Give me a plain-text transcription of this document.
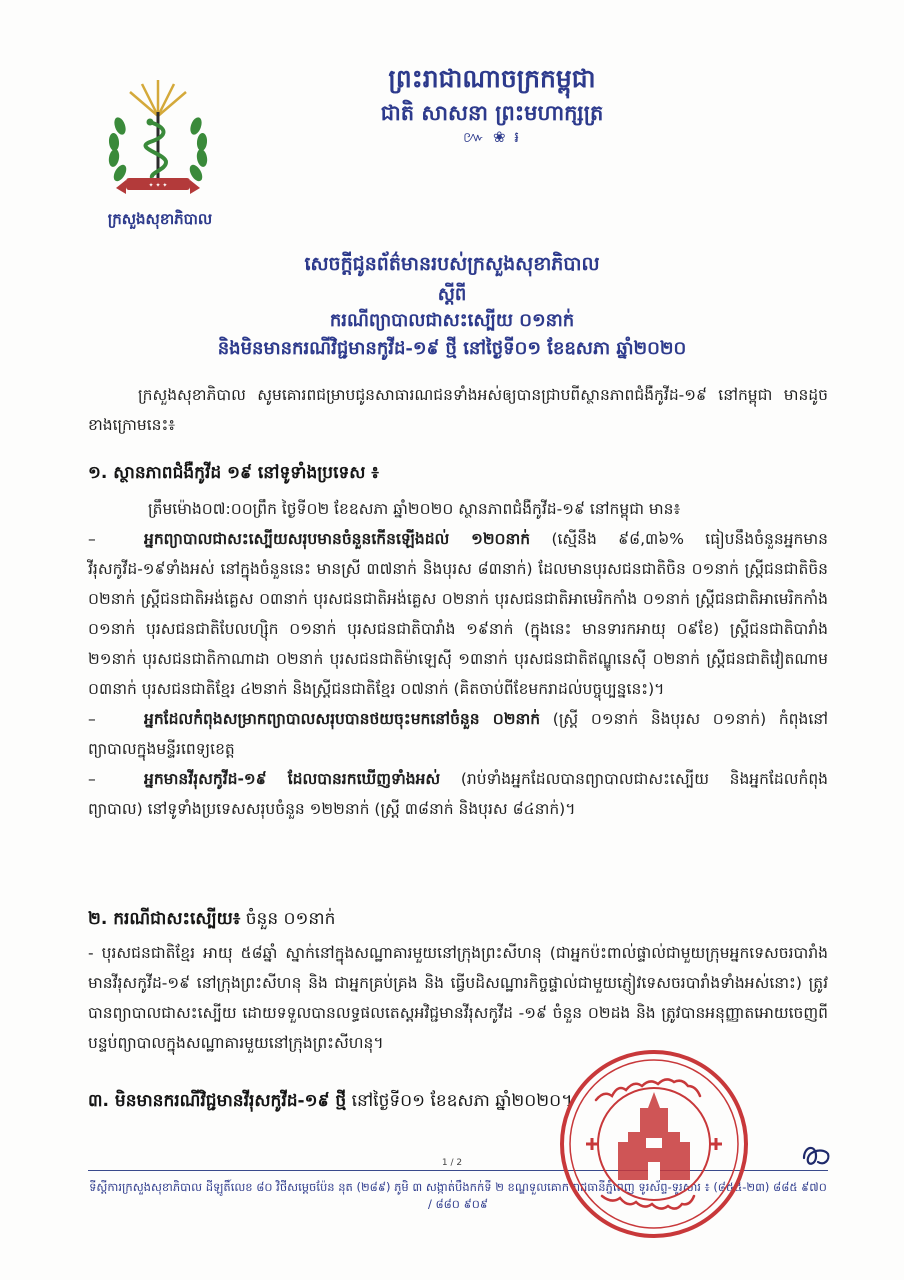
✦ ✦ ✦
ក្រសួងសុខាភិបាល
ព្រះរាជាណាចក្រកម្ពុជា
ជាតិ សាសនា ព្រះមហាក្សត្រ
៚ ❀ ៛
សេចក្ដីជូនព័ត៌មានរបស់ក្រសួងសុខាភិបាល
ស្ដីពី
ករណីព្យាបាលជាសះស្បើយ ០១នាក់
និងមិនមានករណីវិជ្ជមានកូវីដ-១៩ ថ្មី នៅថ្ងៃទី០១ ខែឧសភា ឆ្នាំ២០២០
ក្រសួងសុខាភិបាល សូមគោរពជម្រាបជូនសាធារណជនទាំងអស់ឲ្យបានជ្រាបពីស្ថានភាពជំងឺកូវីដ-១៩ នៅកម្ពុជា មានដូចខាងក្រោមនេះ៖
១. ស្ថានភាពជំងឺកូវីដ ១៩ នៅទូទាំងប្រទេស ៖

ត្រឹមម៉ោង០៧:០០ព្រឹក ថ្ងៃទី០២ ខែឧសភា ឆ្នាំ២០២០ ស្ថានភាពជំងឺកូវីដ-១៩ នៅកម្ពុជា មាន៖

–	អ្នកព្យាបាលជាសះស្បើយសរុបមានចំនួនកើនឡើងដល់ ១២០នាក់ (ស្មើនឹង ៩៨,៣៦% ធៀបនឹងចំនួនអ្នកមានវីរុសកូវីដ-១៩ទាំងអស់ នៅក្នុងចំនួននេះ មានស្រី ៣៧នាក់ និងបុរស ៨៣នាក់) ដែលមានបុរសជនជាតិចិន ០១នាក់ ស្ត្រីជនជាតិចិន ០២នាក់ ស្ត្រីជនជាតិអង់គ្លេស ០៣នាក់ បុរសជនជាតិអង់គ្លេស ០២នាក់ បុរសជនជាតិអាមេរិកកាំង ០១នាក់ ស្ត្រីជនជាតិអាមេរិកកាំង ០១នាក់ បុរសជនជាតិបែលហ្ស៊ិក ០១នាក់ បុរសជនជាតិបារាំង ១៩នាក់ (ក្នុងនេះ មានទារកអាយុ ០៩ខែ) ស្ត្រីជនជាតិបារាំង ២១នាក់ បុរសជនជាតិកាណាដា ០២នាក់ បុរសជនជាតិម៉ាឡេស៊ី ១៣នាក់ បុរសជនជាតិឥណ្ឌូនេស៊ី ០២នាក់ ស្ត្រីជនជាតិវៀតណាម ០៣នាក់ បុរសជនជាតិខ្មែរ ៤២នាក់ និងស្ត្រីជនជាតិខ្មែរ ០៧នាក់ (គិតចាប់ពីខែមករាដល់បច្ចុប្បន្ននេះ)។

–	អ្នកដែលកំពុងសម្រាកព្យាបាលសរុបបានថយចុះមកនៅចំនួន ០២នាក់ (ស្ត្រី ០១នាក់ និងបុរស ០១នាក់) កំពុងនៅព្យាបាលក្នុងមន្ទីរពេទ្យខេត្ត

–	អ្នកមានវីរុសកូវីដ-១៩ ដែលបានរកឃើញទាំងអស់ (រាប់ទាំងអ្នកដែលបានព្យាបាលជាសះស្បើយ និងអ្នកដែលកំពុងព្យាបាល) នៅទូទាំងប្រទេសសរុបចំនួន ១២២នាក់ (ស្ត្រី ៣៨នាក់ និងបុរស ៨៤នាក់)។

២. ករណីជាសះស្បើយ៖ ចំនួន ០១នាក់
- បុរសជនជាតិខ្មែរ អាយុ ៥៨ឆ្នាំ ស្នាក់នៅក្នុងសណ្ឋាគារមួយនៅក្រុងព្រះសីហនុ (ជាអ្នកប៉ះពាល់ផ្ទាល់ជាមួយក្រុមអ្នកទេសចរបារាំងមានវីរុសកូវីដ-១៩ នៅក្រុងព្រះសីហនុ និង ជាអ្នកគ្រប់គ្រង និង ធ្វើបដិសណ្ឋារកិច្ចផ្ទាល់ជាមួយភ្ញៀវទេសចរបារាំងទាំងអស់នោះ) ត្រូវបានព្យាបាលជាសះស្បើយ ដោយទទួលបានលទ្ធផលតេស្តអវិជ្ជមានវីរុសកូវីដ -១៩ ចំនួន ០២ដង និង ត្រូវបានអនុញ្ញាតអោយចេញពីបន្ទប់ព្យាបាលក្នុងសណ្ឋាគារមួយនៅក្រុងព្រះសីហនុ។
៣. មិនមានករណីវិជ្ជមានវីរុសកូវីដ-១៩ ថ្មី នៅថ្ងៃទី០១ ខែឧសភា ឆ្នាំ២០២០។
1 / 2
ទីស្តីការក្រសួងសុខាភិបាល ដីឡូតិ៍លេខ ៨០ វិថីសម្ដេចប៉ែន នុត (២៨៩) ភូមិ ៣ សង្កាត់បឹងកក់ទី ២ ខណ្ឌទួលគោក រាជធានីភ្នំពេញ ទូរស័ព្ទ-ទូរសារ ៖ (៨៥៥-២៣) ៨៨៥ ៩៧០ / ៨៨០ ៩០៩
